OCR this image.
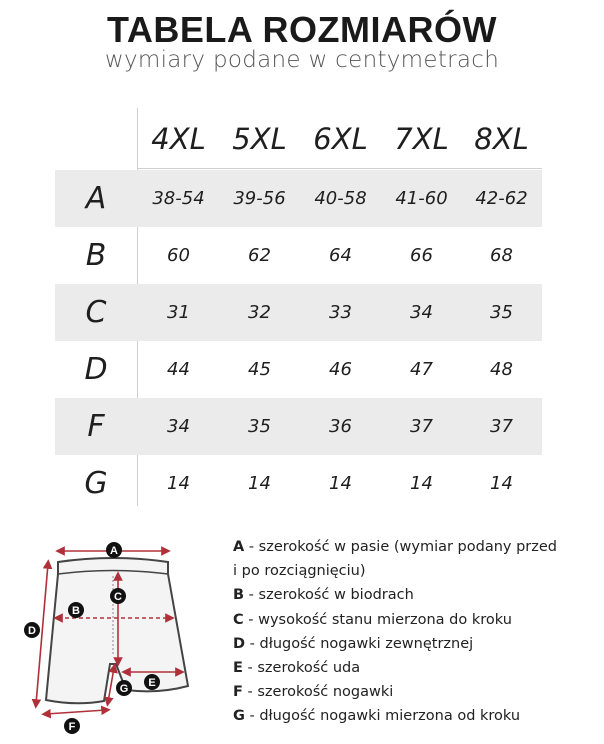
TABELA ROZMIARÓW
wymiary podane w centymetrach
4XL 5XL 6XL 7XL 8XL
A	38-54	39-56	40-58	41-60	42-62
B	60	62	64	66	68
C	31	32	33	34	35
D	44	45	46	47	48
F	34	35	36	37	37
G	14	14	14	14	14
A
B
C
D
E
F
G
A - szerokość w pasie (wymiar podany przed
i po rozciągnięciu)
B - szerokość w biodrach
C - wysokość stanu mierzona do kroku
D - długość nogawki zewnętrznej
E - szerokość uda
F - szerokość nogawki
G - długość nogawki mierzona od kroku
